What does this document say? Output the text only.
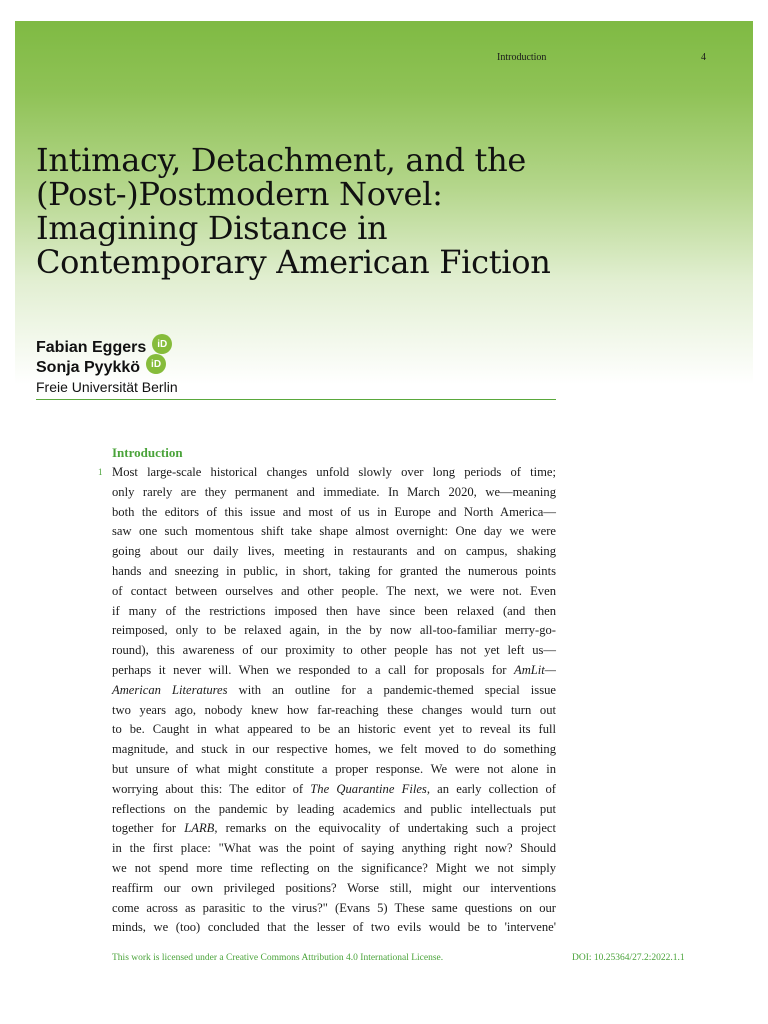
Introduction	4
Intimacy, Detachment, and the
(Post-)Postmodern Novel:
Imagining Distance in
Contemporary American Fiction
Fabian Eggers	iD
Sonja Pyykkö	iD
Freie Universität Berlin
Introduction
1 Most large-scale historical changes unfold slowly over long periods of time;
only rarely are they permanent and immediate. In March 2020, we—meaning
both the editors of this issue and most of us in Europe and North America—
saw one such momentous shift take shape almost overnight: One day we were
going about our daily lives, meeting in restaurants and on campus, shaking
hands and sneezing in public, in short, taking for granted the numerous points
of contact between ourselves and other people. The next, we were not. Even
if many of the restrictions imposed then have since been relaxed (and then
reimposed, only to be relaxed again, in the by now all-too-familiar merry-go-
round), this awareness of our proximity to other people has not yet left us—
perhaps it never will. When we responded to a call for proposals for AmLit—
American Literatures with an outline for a pandemic-themed special issue
two years ago, nobody knew how far-reaching these changes would turn out
to be. Caught in what appeared to be an historic event yet to reveal its full
magnitude, and stuck in our respective homes, we felt moved to do something
but unsure of what might constitute a proper response. We were not alone in
worrying about this: The editor of The Quarantine Files, an early collection of
reflections on the pandemic by leading academics and public intellectuals put
together for LARB, remarks on the equivocality of undertaking such a project
in the first place: "What was the point of saying anything right now? Should
we not spend more time reflecting on the significance? Might we not simply
reaffirm our own privileged positions? Worse still, might our interventions
come across as parasitic to the virus?" (Evans 5) These same questions on our
minds, we (too) concluded that the lesser of two evils would be to 'intervene'
This work is licensed under a Creative Commons Attribution 4.0 International License.	DOI: 10.25364/27.2:2022.1.1
